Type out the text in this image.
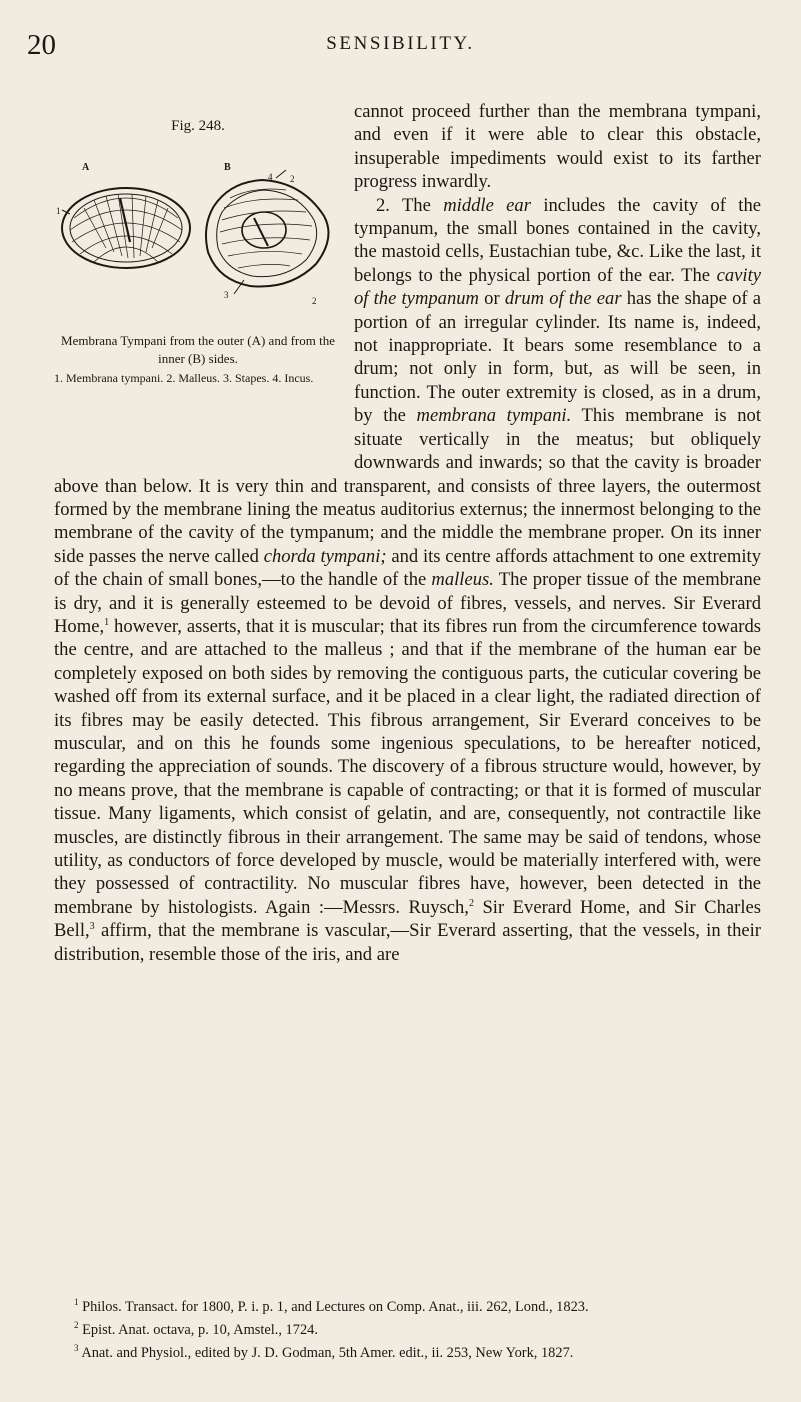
20	SENSIBILITY.
Fig. 248.
A	B
4 2
1
3
2
Membrana Tympani from the outer (A) and from the inner (B) sides.
1. Membrana tympani. 2. Malleus. 3. Stapes. 4. Incus.

cannot proceed further than the membrana tympani, and even if it were able to clear this obstacle, insuperable impediments would exist to its farther progress inwardly.

2. The middle ear includes the cavity of the tympanum, the small bones contained in the cavity, the mastoid cells, Eustachian tube, &c. Like the last, it belongs to the physical portion of the ear. The cavity of the tympanum or drum of the ear has the shape of a portion of an irregular cylinder. Its name is, indeed, not inappropriate. It bears some resemblance to a drum; not only in form, but, as will be seen, in function. The outer extremity is closed, as in a drum, by the membrana tympani. This membrane is not situate vertically in the meatus; but obliquely downwards and inwards; so that the cavity is broader above than below. It is very thin and transparent, and consists of three layers, the outermost formed by the membrane lining the meatus auditorius externus; the innermost belonging to the membrane of the cavity of the tympanum; and the middle the membrane proper. On its inner side passes the nerve called chorda tympani; and its centre affords attachment to one extremity of the chain of small bones,—to the handle of the malleus. The proper tissue of the membrane is dry, and it is generally esteemed to be devoid of fibres, vessels, and nerves. Sir Everard Home,$^1$ however, asserts, that it is muscular; that its fibres run from the circumference towards the centre, and are attached to the malleus ; and that if the membrane of the human ear be completely exposed on both sides by removing the contiguous parts, the cuticular covering be washed off from its external surface, and it be placed in a clear light, the radiated direction of its fibres may be easily detected. This fibrous arrangement, Sir Everard conceives to be muscular, and on this he founds some ingenious speculations, to be hereafter noticed, regarding the appreciation of sounds. The discovery of a fibrous structure would, however, by no means prove, that the membrane is capable of contracting; or that it is formed of muscular tissue. Many ligaments, which consist of gelatin, and are, consequently, not contractile like muscles, are distinctly fibrous in their arrangement. The same may be said of tendons, whose utility, as conductors of force developed by muscle, would be materially interfered with, were they possessed of contractility. No muscular fibres have, however, been detected in the membrane by histologists. Again :—Messrs. Ruysch,$^2$ Sir Everard Home, and Sir Charles Bell,$^3$ affirm, that the membrane is vascular,—Sir Everard asserting, that the vessels, in their distribution, resemble those of the iris, and are

$^1$ Philos. Transact. for 1800, P. i. p. 1, and Lectures on Comp. Anat., iii. 262, Lond., 1823.

$^2$ Epist. Anat. octava, p. 10, Amstel., 1724.

$^3$ Anat. and Physiol., edited by J. D. Godman, 5th Amer. edit., ii. 253, New York, 1827.
